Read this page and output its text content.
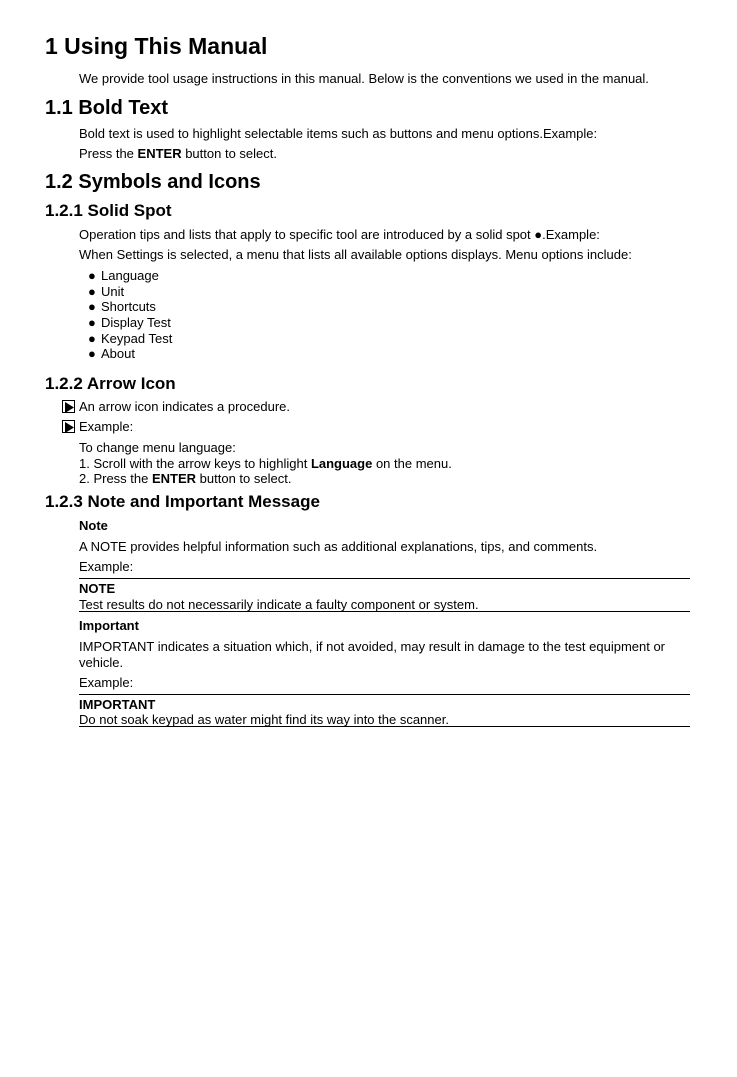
1 Using This Manual

We provide tool usage instructions in this manual. Below is the conventions we used in the manual.

1.1 Bold Text

Bold text is used to highlight selectable items such as buttons and menu options.Example:

Press the ENTER button to select.

1.2 Symbols and Icons
1.2.1 Solid Spot

Operation tips and lists that apply to specific tool are introduced by a solid spot ●.Example:

When Settings is selected, a menu that lists all available options displays. Menu options include:

● Language
● Unit
● Shortcuts
● Display Test
● Keypad Test
● About
1.2.2 Arrow Icon
An arrow icon indicates a procedure.
Example:

To change menu language:

1. Scroll with the arrow keys to highlight Language on the menu.

2. Press the ENTER button to select.

1.2.3 Note and Important Message

Note

A NOTE provides helpful information such as additional explanations, tips, and comments.

Example:

NOTE

Test results do not necessarily indicate a faulty component or system.

Important

IMPORTANT indicates a situation which, if not avoided, may result in damage to the test equipment or vehicle.

Example:

IMPORTANT

Do not soak keypad as water might find its way into the scanner.
